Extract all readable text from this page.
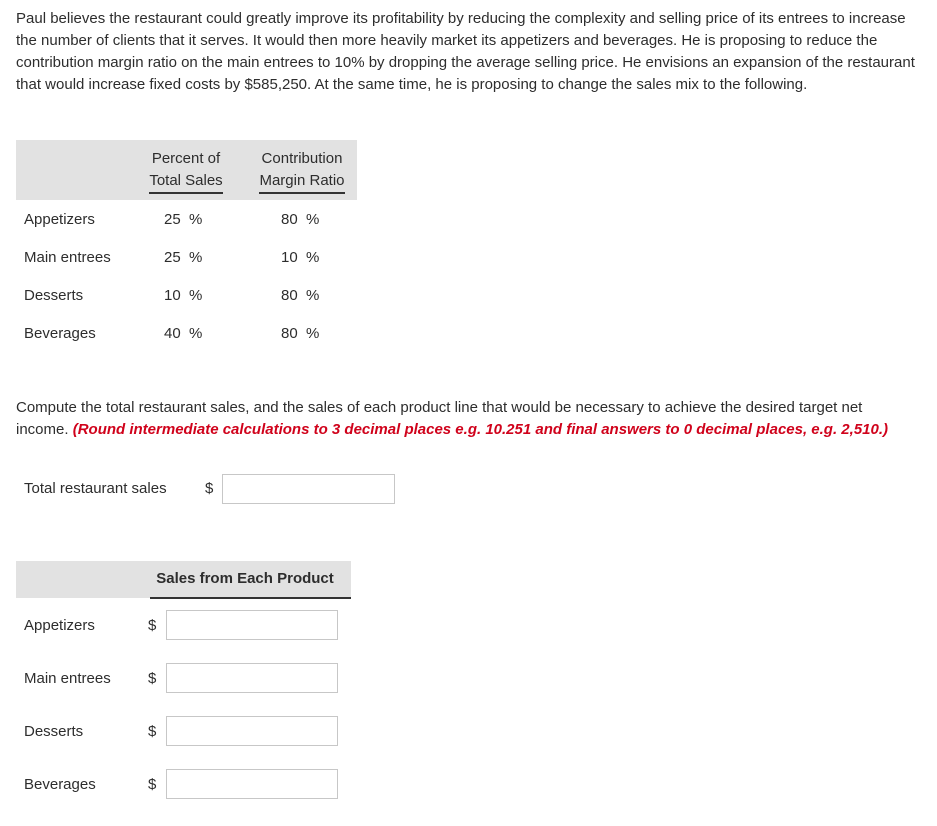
Paul believes the restaurant could greatly improve its profitability by reducing the complexity and selling price of its entrees to increase the number of clients that it serves. It would then more heavily market its appetizers and beverages. He is proposing to reduce the contribution margin ratio on the main entrees to 10% by dropping the average selling price. He envisions an expansion of the restaurant that would increase fixed costs by $585,250. At the same time, he is proposing to change the sales mix to the following.
Percent of
Total Sales
Contribution
Margin Ratio
Appetizers	25 %	80 %
Main entrees	25 %	10 %
Desserts	10 %	80 %
Beverages	40 %	80 %
Compute the total restaurant sales, and the sales of each product line that would be necessary to achieve the desired target net income. (Round intermediate calculations to 3 decimal places e.g. 10.251 and final answers to 0 decimal places, e.g. 2,510.)
Total restaurant sales	$
Sales from Each Product
Appetizers	$
Main entrees $
Desserts	$
Beverages	$
